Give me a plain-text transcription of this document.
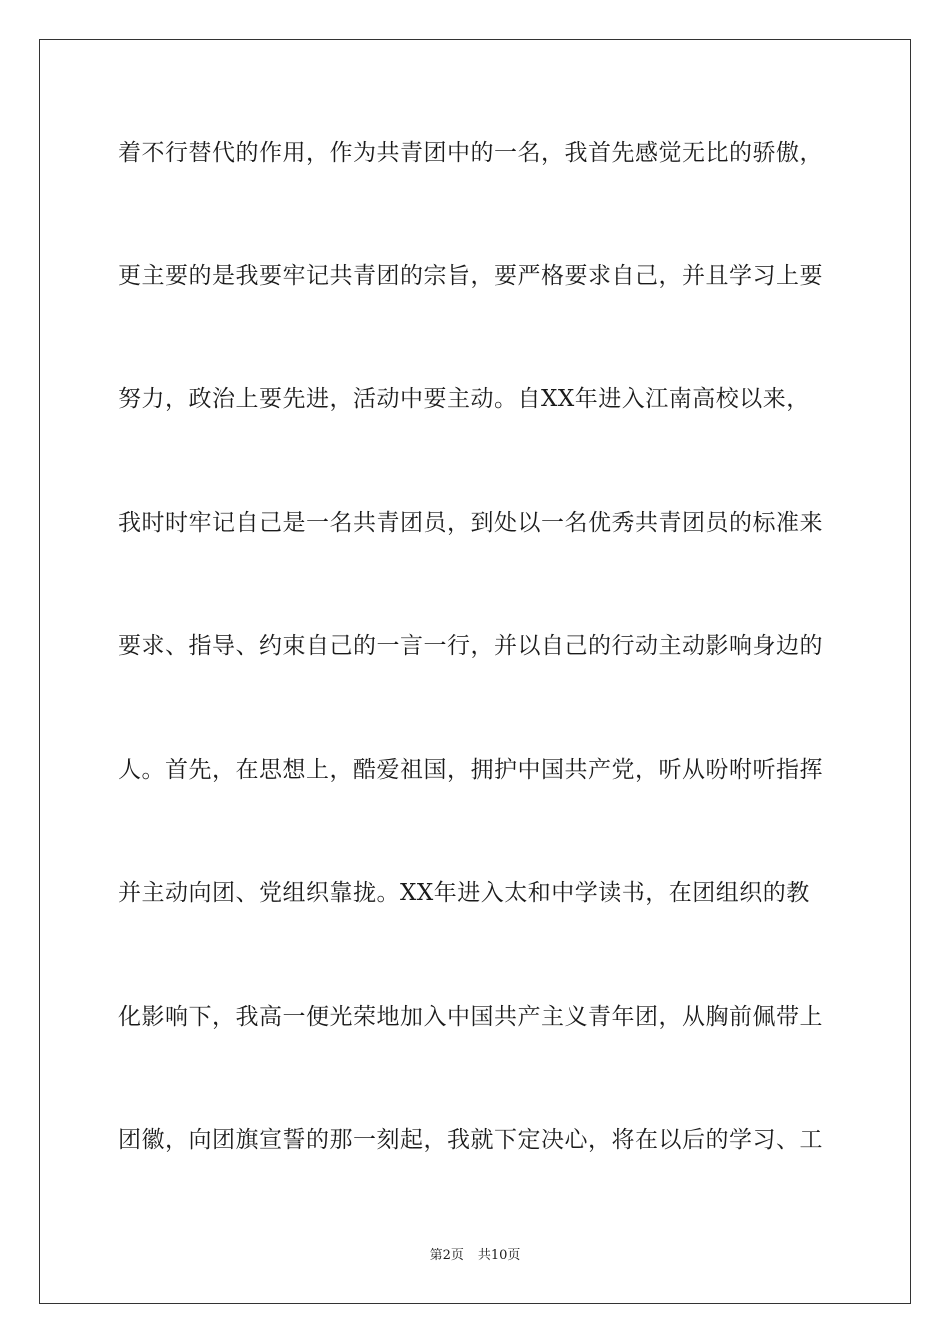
着不行替代的作用，作为共青团中的一名，我首先感觉无比的骄傲，
更主要的是我要牢记共青团的宗旨，要严格要求自己，并且学习上要
努力，政治上要先进，活动中要主动。自XX年进入江南高校以来，
我时时牢记自己是一名共青团员，到处以一名优秀共青团员的标准来
要求、指导、约束自己的一言一行，并以自己的行动主动影响身边的
人。首先，在思想上，酷爱祖国，拥护中国共产党，听从吩咐听指挥
并主动向团、党组织靠拢。XX年进入太和中学读书，在团组织的教
化影响下，我高一便光荣地加入中国共产主义青年团，从胸前佩带上
团徽，向团旗宣誓的那一刻起，我就下定决心，将在以后的学习、工
第2页 共10页
